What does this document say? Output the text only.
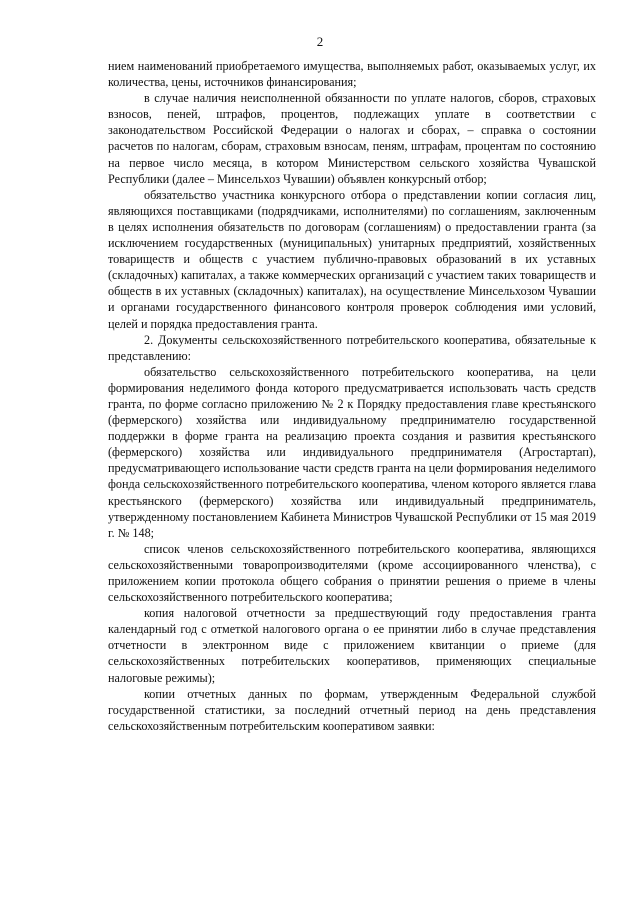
2

нием наименований приобретаемого имущества, выполняемых работ, оказываемых услуг, их количества, цены, источников финансирования;

в случае наличия неисполненной обязанности по уплате налогов, сборов, страховых взносов, пеней, штрафов, процентов, подлежащих уплате в соответствии с законодательством Российской Федерации о налогах и сборах, – справка о состоянии расчетов по налогам, сборам, страховым взносам, пеням, штрафам, процентам по состоянию на первое число месяца, в котором Министерством сельского хозяйства Чувашской Республики (далее – Минсельхоз Чувашии) объявлен конкурсный отбор;

обязательство участника конкурсного отбора о представлении копии согласия лиц, являющихся поставщиками (подрядчиками, исполнителями) по соглашениям, заключенным в целях исполнения обязательств по договорам (соглашениям) о предоставлении гранта (за исключением государственных (муниципальных) унитарных предприятий, хозяйственных товариществ и обществ с участием публично-правовых образований в их уставных (складочных) капиталах, а также коммерческих организаций с участием таких товариществ и обществ в их уставных (складочных) капиталах), на осуществление Минсельхозом Чувашии и органами государственного финансового контроля проверок соблюдения ими условий, целей и порядка предоставления гранта.

2. Документы сельскохозяйственного потребительского кооператива, обязательные к представлению:

обязательство сельскохозяйственного потребительского кооператива, на цели формирования неделимого фонда которого предусматривается использовать часть средств гранта, по форме согласно приложению № 2 к Порядку предоставления главе крестьянского (фермерского) хозяйства или индивидуальному предпринимателю государственной поддержки в форме гранта на реализацию проекта создания и развития крестьянского (фермерского) хозяйства или индивидуального предпринимателя (Агростартап), предусматривающего использование части средств гранта на цели формирования неделимого фонда сельскохозяйственного потребительского кооператива, членом которого является глава крестьянского (фермерского) хозяйства или индивидуальный предприниматель, утвержденному постановлением Кабинета Министров Чувашской Республики от 15 мая 2019 г. № 148;

список членов сельскохозяйственного потребительского кооператива, являющихся сельскохозяйственными товаропроизводителями (кроме ассоциированного членства), с приложением копии протокола общего собрания о принятии решения о приеме в члены сельскохозяйственного потребительского кооператива;

копия налоговой отчетности за предшествующий году предоставления гранта календарный год с отметкой налогового органа о ее принятии либо в случае представления отчетности в электронном виде с приложением квитанции о приеме (для сельскохозяйственных потребительских кооперативов, применяющих специальные налоговые режимы);

копии отчетных данных по формам, утвержденным Федеральной службой государственной статистики, за последний отчетный период на день представления сельскохозяйственным потребительским кооперативом заявки:
